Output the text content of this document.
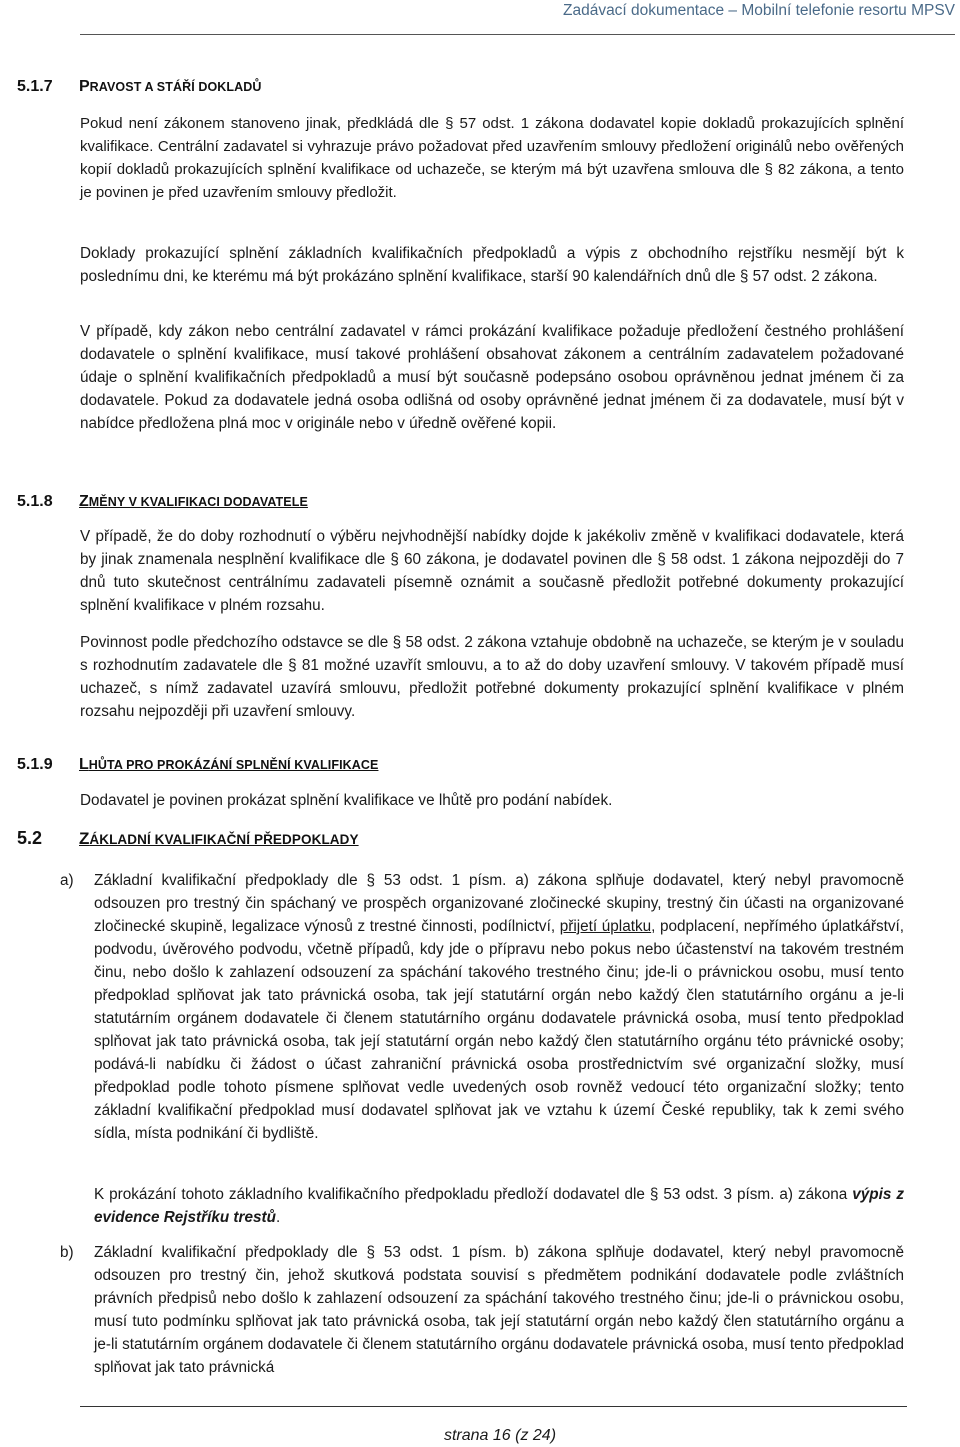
Zadávací dokumentace – Mobilní telefonie resortu MPSV
5.1.7 PRAVOST A STÁŘÍ DOKLADŮ

Pokud není zákonem stanoveno jinak, předkládá dle § 57 odst. 1 zákona dodavatel kopie dokladů prokazujících splnění kvalifikace. Centrální zadavatel si vyhrazuje právo požadovat před uzavřením smlouvy předložení originálů nebo ověřených kopií dokladů prokazujících splnění kvalifikace od uchazeče, se kterým má být uzavřena smlouva dle § 82 zákona, a tento je povinen je před uzavřením smlouvy předložit.

Doklady prokazující splnění základních kvalifikačních předpokladů a výpis z obchodního rejstříku nesmějí být k poslednímu dni, ke kterému má být prokázáno splnění kvalifikace, starší 90 kalendářních dnů dle § 57 odst. 2 zákona.

V případě, kdy zákon nebo centrální zadavatel v rámci prokázání kvalifikace požaduje předložení čestného prohlášení dodavatele o splnění kvalifikace, musí takové prohlášení obsahovat zákonem a centrálním zadavatelem požadované údaje o splnění kvalifikačních předpokladů a musí být současně podepsáno osobou oprávněnou jednat jménem či za dodavatele. Pokud za dodavatele jedná osoba odlišná od osoby oprávněné jednat jménem či za dodavatele, musí být v nabídce předložena plná moc v originále nebo v úředně ověřené kopii.

5.1.8 ZMĚNY V KVALIFIKACI DODAVATELE

V případě, že do doby rozhodnutí o výběru nejvhodnější nabídky dojde k jakékoliv změně v kvalifikaci dodavatele, která by jinak znamenala nesplnění kvalifikace dle § 60 zákona, je dodavatel povinen dle § 58 odst. 1 zákona nejpozději do 7 dnů tuto skutečnost centrálnímu zadavateli písemně oznámit a současně předložit potřebné dokumenty prokazující splnění kvalifikace v plném rozsahu.

Povinnost podle předchozího odstavce se dle § 58 odst. 2 zákona vztahuje obdobně na uchazeče, se kterým je v souladu s rozhodnutím zadavatele dle § 81 možné uzavřít smlouvu, a to až do doby uzavření smlouvy. V takovém případě musí uchazeč, s nímž zadavatel uzavírá smlouvu, předložit potřebné dokumenty prokazující splnění kvalifikace v plném rozsahu nejpozději při uzavření smlouvy.

5.1.9 LHŮTA PRO PROKÁZÁNÍ SPLNĚNÍ KVALIFIKACE

Dodavatel je povinen prokázat splnění kvalifikace ve lhůtě pro podání nabídek.

5.2 ZÁKLADNÍ KVALIFIKAČNÍ PŘEDPOKLADY
a)	Základní kvalifikační předpoklady dle § 53 odst. 1 písm. a) zákona splňuje dodavatel, který nebyl pravomocně odsouzen pro trestný čin spáchaný ve prospěch organizované zločinecké skupiny, trestný čin účasti na organizované zločinecké skupině, legalizace výnosů z trestné činnosti, podílnictví, přijetí úplatku, podplacení, nepřímého úplatkářství, podvodu, úvěrového podvodu, včetně případů, kdy jde o přípravu nebo pokus nebo účastenství na takovém trestném činu, nebo došlo k zahlazení odsouzení za spáchání takového trestného činu; jde-li o právnickou osobu, musí tento předpoklad splňovat jak tato právnická osoba, tak její statutární orgán nebo každý člen statutárního orgánu a je-li statutárním orgánem dodavatele či členem statutárního orgánu dodavatele právnická osoba, musí tento předpoklad splňovat jak tato právnická osoba, tak její statutární orgán nebo každý člen statutárního orgánu této právnické osoby; podává-li nabídku či žádost o účast zahraniční právnická osoba prostřednictvím své organizační složky, musí předpoklad podle tohoto písmene splňovat vedle uvedených osob rovněž vedoucí této organizační složky; tento základní kvalifikační předpoklad musí dodavatel splňovat jak ve vztahu k území České republiky, tak k zemi svého sídla, místa podnikání či bydliště.

K prokázání tohoto základního kvalifikačního předpokladu předloží dodavatel dle § 53 odst. 3 písm. a) zákona výpis z evidence Rejstříku trestů.

b)	Základní kvalifikační předpoklady dle § 53 odst. 1 písm. b) zákona splňuje dodavatel, který nebyl pravomocně odsouzen pro trestný čin, jehož skutková podstata souvisí s předmětem podnikání dodavatele podle zvláštních právních předpisů nebo došlo k zahlazení odsouzení za spáchání takového trestného činu; jde-li o právnickou osobu, musí tuto podmínku splňovat jak tato právnická osoba, tak její statutární orgán nebo každý člen statutárního orgánu a je-li statutárním orgánem dodavatele či členem statutárního orgánu dodavatele právnická osoba, musí tento předpoklad splňovat jak tato právnická
strana 16 (z 24)
